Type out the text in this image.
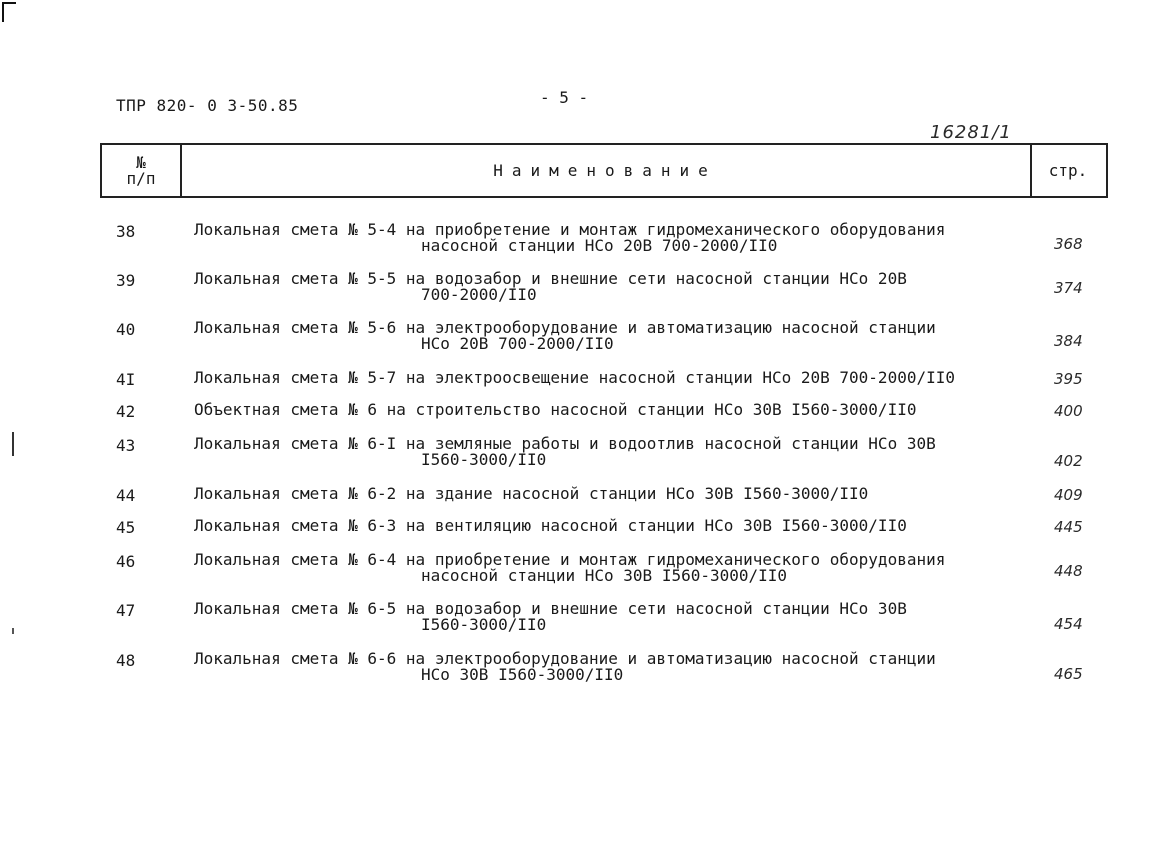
ТПР 820- 0 3-50.85	- 5 -
16281/1
№
п/п	Наименование	стр.
38	Локальная смета № 5-4 на приобретение и монтаж гидромеханического оборудования
насосной станции НСо 20В 700-2000/II0	368
39	Локальная смета № 5-5 на водозабор и внешние сети насосной станции НСо 20В
700-2000/II0	374
40	Локальная смета № 5-6 на электрооборудование и автоматизацию насосной станции
НСо 20В 700-2000/II0	384
4I	Локальная смета № 5-7 на электроосвещение насосной станции НСо 20В 700-2000/II0	395
42	Объектная смета № 6 на строительство насосной станции НСо 30В I560-3000/II0	400
43	Локальная смета № 6-I на земляные работы и водоотлив насосной станции НСо 30В
I560-3000/II0	402
44	Локальная смета № 6-2 на здание насосной станции НСо 30В I560-3000/II0	409
45	Локальная смета № 6-3 на вентиляцию насосной станции НСо 30В I560-3000/II0	445
46	Локальная смета № 6-4 на приобретение и монтаж гидромеханического оборудования
насосной станции НСо 30В I560-3000/II0	448
47	Локальная смета № 6-5 на водозабор и внешние сети насосной станции НСо 30В
I560-3000/II0	454
48	Локальная смета № 6-6 на электрооборудование и автоматизацию насосной станции
НСо 30В I560-3000/II0	465
